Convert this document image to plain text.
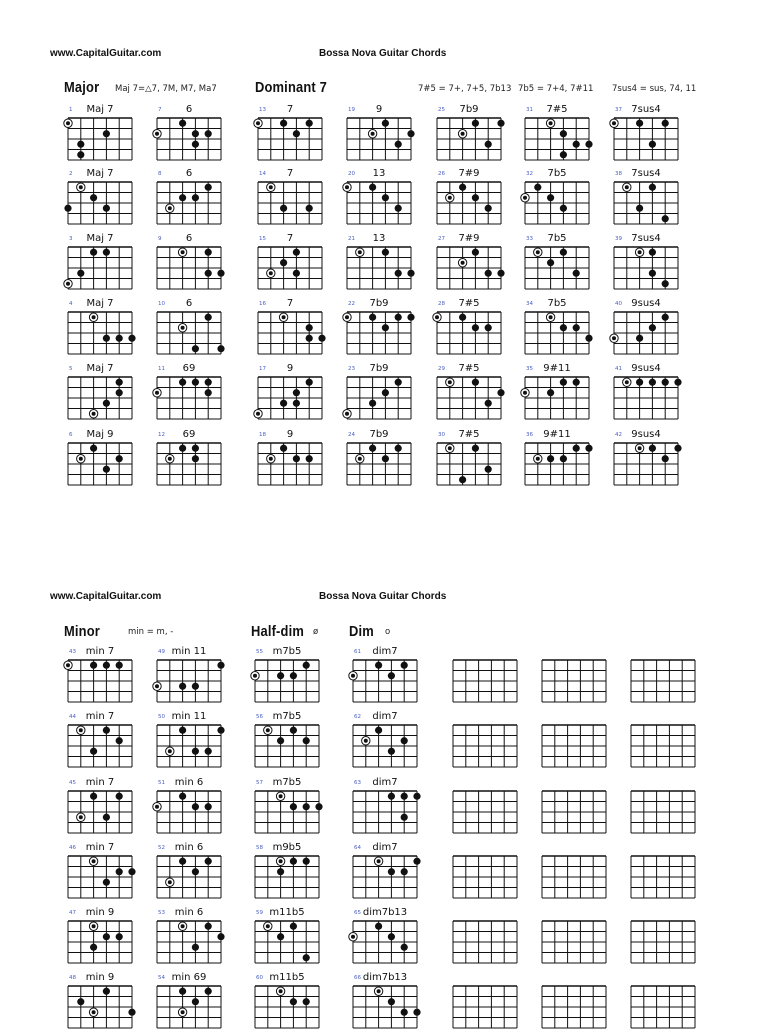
www.CapitalGuitar.com	Bossa Nova Guitar Chords
Major Maj 7=△7, 7M, M7, Ma7	Dominant 7	7#5 = 7+, 7+5, 7b13 7b5 = 7+4, 7#11 7sus4 = sus, 74, 11
1	Maj 7
2	Maj 7
3	Maj 7
4	Maj 7
5	Maj 7
6	Maj 9
7	6
8	6
9	6
10	6
11	69
12	69
13	7
14	7
15	7
16	7
17	9
18	9
19	9
20	13
21	13
22	7b9
23	7b9
24	7b9
25	7b9
26	7#9
27	7#9
28	7#5
29	7#5
30	7#5
31	7#5
32	7b5
33	7b5
34	7b5
35	9#11
36	9#11
37 7sus4
38 7sus4
39 7sus4
40 9sus4
41 9sus4
42 9sus4
www.CapitalGuitar.com	Bossa Nova Guitar Chords
Minor	min = m, -	Half-dim ø Dim o
43 min 7
44 min 7
45 min 7
46 min 7
47 min 9
48 min 9
49 min 11
50 min 11
51 min 6
52 min 6
53 min 6
54 min 69
55 m7b5
56 m7b5
57 m7b5
58 m9b5
59 m11b5
60 m11b5
61	dim7
62	dim7
63	dim7
64	dim7
65 dim7b13
66 dim7b13
